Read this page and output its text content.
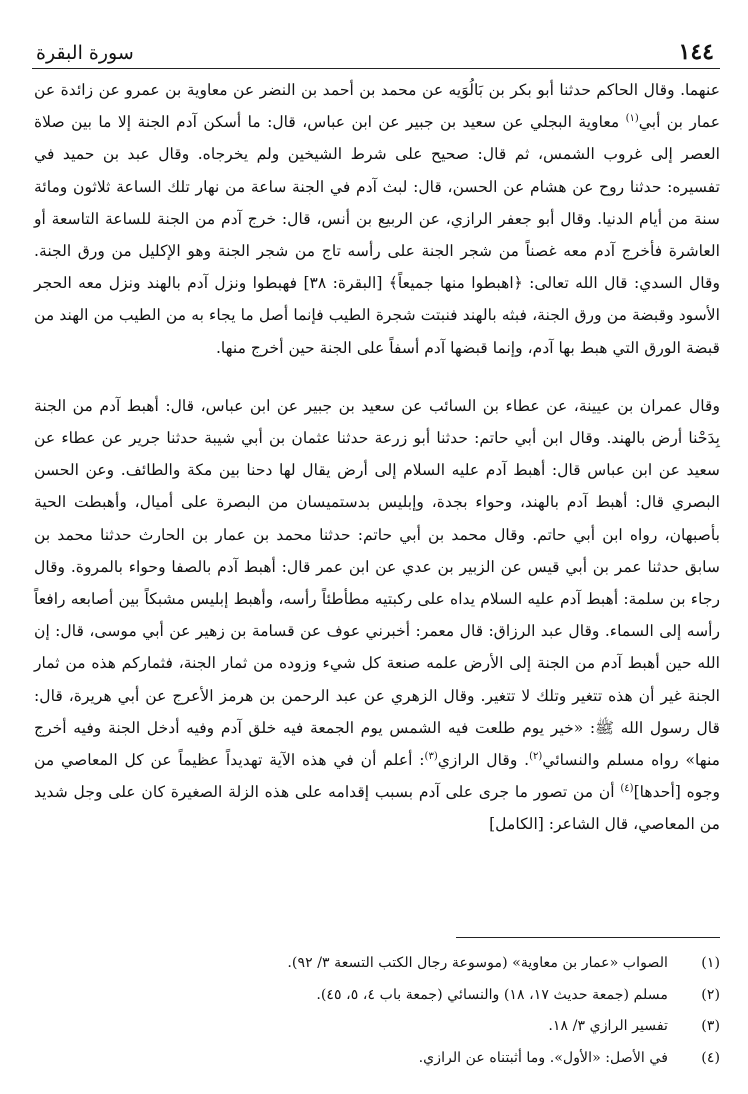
١٤٤
سورة البقرة

عنهما. وقال الحاكم حدثنا أبو بكر بن بَالُوَيه عن محمد بن أحمد بن النضر عن معاوية بن عمرو عن زائدة عن عمار بن أبي$^{(١)}$ معاوية البجلي عن سعيد بن جبير عن ابن عباس، قال: ما أسكن آدم الجنة إلا ما بين صلاة العصر إلى غروب الشمس، ثم قال: صحيح على شرط الشيخين ولم يخرجاه. وقال عبد بن حميد في تفسيره: حدثنا روح عن هشام عن الحسن، قال: لبث آدم في الجنة ساعة من نهار تلك الساعة ثلاثون ومائة سنة من أيام الدنيا. وقال أبو جعفر الرازي، عن الربيع بن أنس، قال: خرج آدم من الجنة للساعة التاسعة أو العاشرة فأخرج آدم معه غصناً من شجر الجنة على رأسه تاج من شجر الجنة وهو الإكليل من ورق الجنة. وقال السدي: قال الله تعالى: ﴿اهبطوا منها جميعاً﴾ [البقرة: ٣٨] فهبطوا ونزل آدم بالهند ونزل معه الحجر الأسود وقبضة من ورق الجنة، فبثه بالهند فنبتت شجرة الطيب فإنما أصل ما يجاء به من الطيب من الهند من قبضة الورق التي هبط بها آدم، وإنما قبضها آدم أسفاً على الجنة حين أخرج منها.

وقال عمران بن عيينة، عن عطاء بن السائب عن سعيد بن جبير عن ابن عباس، قال: أهبط آدم من الجنة بِدَحْنا أرض بالهند. وقال ابن أبي حاتم: حدثنا أبو زرعة حدثنا عثمان بن أبي شيبة حدثنا جرير عن عطاء عن سعيد عن ابن عباس قال: أهبط آدم عليه السلام إلى أرض يقال لها دحنا بين مكة والطائف. وعن الحسن البصري قال: أهبط آدم بالهند، وحواء بجدة، وإبليس بدستميسان من البصرة على أميال، وأهبطت الحية بأصبهان، رواه ابن أبي حاتم. وقال محمد بن أبي حاتم: حدثنا محمد بن عمار بن الحارث حدثنا محمد بن سابق حدثنا عمر بن أبي قيس عن الزبير بن عدي عن ابن عمر قال: أهبط آدم بالصفا وحواء بالمروة. وقال رجاء بن سلمة: أهبط آدم عليه السلام يداه على ركبتيه مطأطئاً رأسه، وأهبط إبليس مشبكاً بين أصابعه رافعاً رأسه إلى السماء. وقال عبد الرزاق: قال معمر: أخبرني عوف عن قسامة بن زهير عن أبي موسى، قال: إن الله حين أهبط آدم من الجنة إلى الأرض علمه صنعة كل شيء وزوده من ثمار الجنة، فثماركم هذه من ثمار الجنة غير أن هذه تتغير وتلك لا تتغير. وقال الزهري عن عبد الرحمن بن هرمز الأعرج عن أبي هريرة، قال: قال رسول الله ﷺ: «خير يوم طلعت فيه الشمس يوم الجمعة فيه خلق آدم وفيه أدخل الجنة وفيه أخرج منها» رواه مسلم والنسائي$^{(٢)}$. وقال الرازي$^{(٣)}$: أعلم أن في هذه الآية تهديداً عظيماً عن كل المعاصي من وجوه [أحدها]$^{(٤)}$ أن من تصور ما جرى على آدم بسبب إقدامه على هذه الزلة الصغيرة كان على وجل شديد من المعاصي، قال الشاعر: [الكامل]

(١)الصواب «عمار بن معاوية» (موسوعة رجال الكتب التسعة ٣/ ٩٢).
(٢)مسلم (جمعة حديث ١٧، ١٨) والنسائي (جمعة باب ٤، ٥، ٤٥).
(٣)تفسير الرازي ٣/ ١٨.
(٤)في الأصل: «الأول». وما أثبتناه عن الرازي.
